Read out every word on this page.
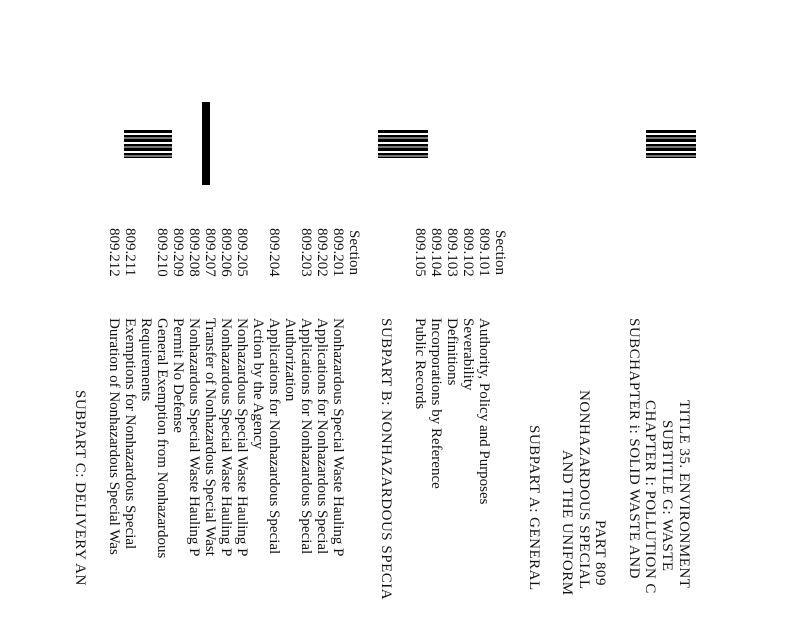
TITLE 35. ENVIRONMENT
SUBTITLE G: WASTE
CHAPTER I: POLLUTION C
SUBCHAPTER i: SOLID WASTE AND
PART 809
NONHAZARDOUS SPECIAL
AND THE UNIFORM
SUBPART A: GENERAL
Section
809.101
Authority, Policy and Purposes
809.102
Severability
809.103
Definitions
809.104
Incorporations by Reference
809.105
Public Records
SUBPART B: NONHAZARDOUS SPECIA
Section
809.201
Nonhazardous Special Waste Hauling P
809.202
Applications for Nonhazardous Special
809.203
Applications for Nonhazardous Special
Authorization
809.204
Applications for Nonhazardous Special
Action by the Agency
809.205
Nonhazardous Special Waste Hauling P
809.206
Nonhazardous Special Waste Hauling P
809.207
Transfer of Nonhazardous Special Wast
809.208
Nonhazardous Special Waste Hauling P
809.209
Permit No Defense
809.210
General Exemption from Nonhazardous
Requirements
809.211
Exemptions for Nonhazardous Special
809.212
Duration of Nonhazardous Special Was
SUBPART C: DELIVERY AN
